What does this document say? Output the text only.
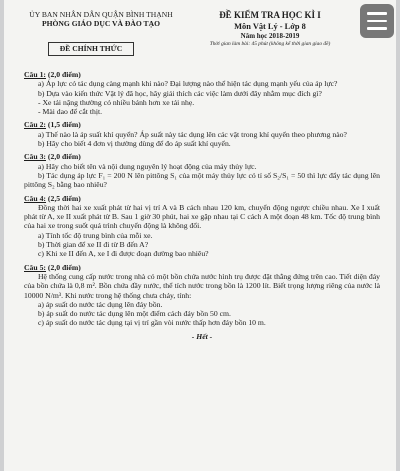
ỦY BAN NHÂN DÂN QUẬN BÌNH THẠNH
PHÒNG GIÁO DỤC VÀ ĐÀO TẠO
ĐỀ CHÍNH THỨC
ĐỀ KIỂM TRA HỌC KÌ I
Môn Vật Lý - Lớp 8
Năm học 2018-2019
Thời gian làm bài: 45 phút (không kể thời gian giao đề)
Câu 1: (2,0 điểm)
a) Áp lực có tác dụng càng mạnh khi nào? Đại lượng nào thể hiện tác dụng mạnh yếu của áp lực?
b) Dựa vào kiến thức Vật lý đã học, hãy giải thích các việc làm dưới đây nhằm mục đích gì?
- Xe tải nặng thường có nhiều bánh hơn xe tải nhẹ.
- Mài dao để cắt thịt.
Câu 2: (1,5 điểm)
a) Thế nào là áp suất khí quyển? Áp suất này tác dụng lên các vật trong khí quyển theo phương nào?
b) Hãy cho biết 4 đơn vị thường dùng để đo áp suất khí quyển.
Câu 3: (2,0 điểm)
a) Hãy cho biết tên và nội dung nguyên lý hoạt động của máy thủy lực.
b) Tác dụng áp lực F₁ = 200 N lên pittông S₁ của một máy thủy lực có tỉ số S₂/S₁ = 50 thì lực đẩy tác dụng lên pittông S₂ bằng bao nhiêu?
Câu 4: (2,5 điểm)
Đồng thời hai xe xuất phát từ hai vị trí A và B cách nhau 120 km, chuyển động ngược chiều nhau. Xe I xuất phát từ A, xe II xuất phát từ B. Sau 1 giờ 30 phút, hai xe gặp nhau tại C cách A một đoạn 48 km. Tốc độ trung bình của hai xe trong suốt quá trình chuyển động là không đổi.
a) Tính tốc độ trung bình của mỗi xe.
b) Thời gian để xe II đi từ B đến A?
c) Khi xe II đến A, xe I đi được đoạn đường bao nhiêu?
Câu 5: (2,0 điểm)
Hệ thống cung cấp nước trong nhà có một bồn chứa nước hình trụ được đặt thẳng đứng trên cao. Tiết diện đáy của bồn chứa là 0,8 m². Bồn chứa đầy nước, thể tích nước trong bồn là 1200 lít. Biết trọng lượng riêng của nước là 10000 N/m³. Khi nước trong hệ thống chưa chảy, tính:
a) áp suất do nước tác dụng lên đáy bồn.
b) áp suất do nước tác dụng lên một điểm cách đáy bồn 50 cm.
c) áp suất do nước tác dụng tại vị trí gần vòi nước thấp hơn đáy bồn 10 m.
- Hết -
